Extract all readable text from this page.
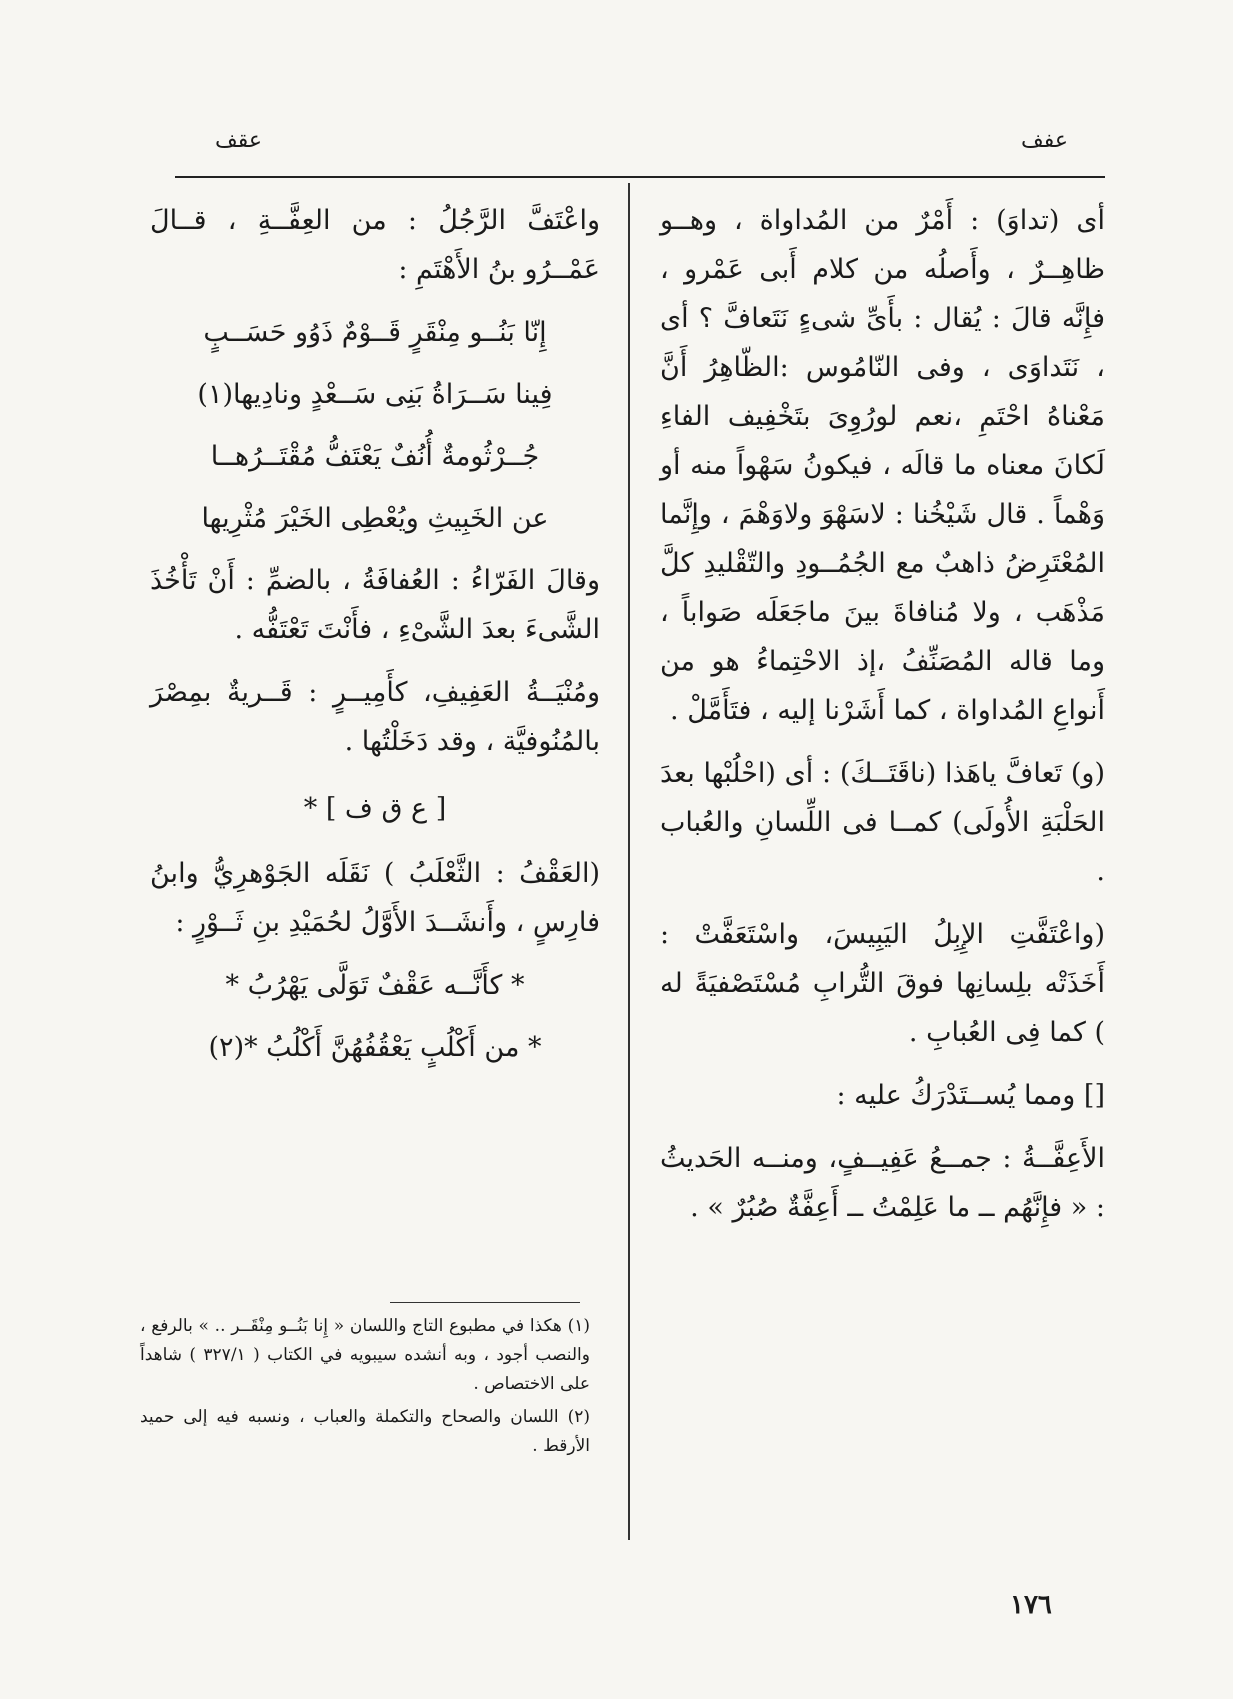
عفف
عقف

أى (تداوَ) : أَمْرٌ من المُداواة ، وهــو ظاهِــرٌ ، وأَصلُه من كلام أَبى عَمْرو ، فإِنَّه قالَ : يُقال : بأَىِّ شىءٍ نَتَعافَّ ؟ أى ، نَتَداوَى ، وفى النّامُوس :الظّاهِرُ أَنَّ مَعْناهُ احْتَمِ ،نعم لورُوِىَ بتَخْفِيف الفاءِ لَكانَ معناه ما قالَه ، فيكونُ سَهْواً منه أو وَهْماً . قال شَيْخُنا : لاسَهْوَ ولاوَهْمَ ، وإِنَّما المُعْتَرِضُ ذاهبٌ مع الجُمُــودِ والتّقْليدِ كلَّ مَذْهَب ، ولا مُنافاةَ بينَ ماجَعَلَه صَواباً ، وما قاله المُصَنِّفُ ،إذ الاحْتِماءُ هو من أَنواعِ المُداواة ، كما أَشَرْنا إليه ، فتَأَمَّلْ .

(و) تَعافَّ ياهَذا (ناقَتَــكَ) : أى (احْلُبْها بعدَ الحَلْبَةِ الأُولَى) كمــا فى اللِّسانِ والعُباب .

(واعْتَفَّتِ الإِبِلُ اليَبِيسَ، واسْتَعَفَّتْ : أَخَذَتْه بلِسانِها فوقَ التُّرابِ مُسْتَصْفيَةً له ) كما فِى العُبابِ .

[] ومما يُســتَدْرَكُ عليه :

الأَعِفَّــةُ : جمــعُ عَفِيــفٍ، ومنــه الحَديثُ : « فإِنَّهُم ــ ما عَلِمْتُ ــ أَعِفَّةٌ صُبُرٌ » .

واعْتَفَّ الرَّجُلُ : من العِفَّــةِ ، قــالَ عَمْــرُو بنُ الأَهْتَمِ :

إِنّا بَنُــو مِنْقَرٍ قَــوْمٌ ذَوُو حَسَــبٍ

فِينا سَــرَاةُ بَنِى سَــعْدٍ ونادِيها(١)

جُــرْثُومةٌ أُنُفٌ يَعْتَفُّ مُقْتَــرُهــا

عن الخَبِيثِ ويُعْطِى الخَيْرَ مُثْرِيها

وقالَ الفَرّاءُ : العُفافَةُ ، بالضمِّ : أَنْ تَأْخُذَ الشَّىءَ بعدَ الشَّىْءِ ، فأَنْتَ تَعْتَفُّه .

ومُنْيَــةُ العَفِيفِ، كأَمِيــرٍ : قَــريةٌ بمِصْرَ بالمُنُوفيَّة ، وقد دَخَلْتُها .

[ ع ق ف ] *

(العَقْفُ : الثَّعْلَبُ ) نَقَلَه الجَوْهرِيُّ وابنُ فارِسٍ ، وأَنشَــدَ الأَوَّلُ لحُمَيْدِ بنِ ثَــوْرٍ :

* كأَنَّــه عَقْفٌ تَوَلَّى يَهْرُبُ *

* من أَكْلُبٍ يَعْقُفُهُنَّ أَكْلُبُ *(٢)

(١) هكذا في مطبوع التاج واللسان « إِنا بَنُــو مِنْقَــر .. » بالرفع ، والنصب أجود ، وبه أنشده سيبويه في الكتاب ( ٣٢٧/١ ) شاهداً على الاختصاص .

(٢) اللسان والصحاح والتكملة والعباب ، ونسبه فيه إلى حميد الأرقط .

١٧٦
